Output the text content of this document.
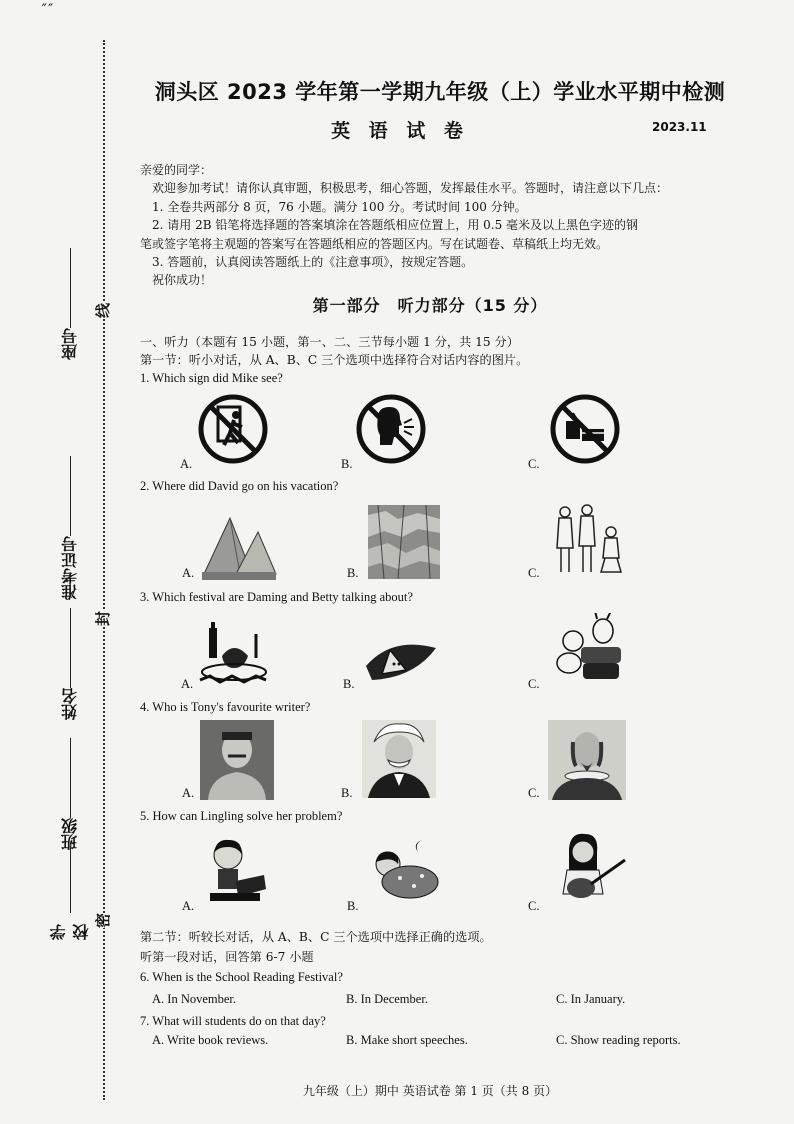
″″
座号
准考证号
姓名
班级
学校
线
封
密
洞头区 2023 学年第一学期九年级（上）学业水平期中检测
英 语 试 卷	2023.11

亲爱的同学：

欢迎参加考试！请你认真审题，积极思考，细心答题，发挥最佳水平。答题时，请注意以下几点：

1. 全卷共两部分 8 页，76 小题。满分 100 分。考试时间 100 分钟。

2. 请用 2B 铅笔将选择题的答案填涂在答题纸相应位置上，用 0.5 毫米及以上黑色字迹的钢

笔或签字笔将主观题的答案写在答题纸相应的答题区内。写在试题卷、草稿纸上均无效。

3. 答题前，认真阅读答题纸上的《注意事项》，按规定答题。

祝你成功！

第一部分　听力部分（15 分）
一、听力（本题有 15 小题，第一、二、三节每小题 1 分，共 15 分）
第一节：听小对话，从 A、B、C 三个选项中选择符合对话内容的图片。
1. Which sign did Mike see?
A.	B.	C.
2. Where did David go on his vacation?
A.	B.	C.
3. Which festival are Daming and Betty talking about?
A.	B.	C.
4. Who is Tony's favourite writer?
A.	B.	C.
5. How can Lingling solve her problem?
A.	B.	C.
第二节：听较长对话，从 A、B、C 三个选项中选择正确的选项。
听第一段对话，回答第 6-7 小题
6. When is the School Reading Festival?
A. In November.	B. In December.	C. In January.
7. What will students do on that day?
A. Write book reviews.	B. Make short speeches.	C. Show reading reports.
九年级（上）期中 英语试卷 第 1 页（共 8 页）
